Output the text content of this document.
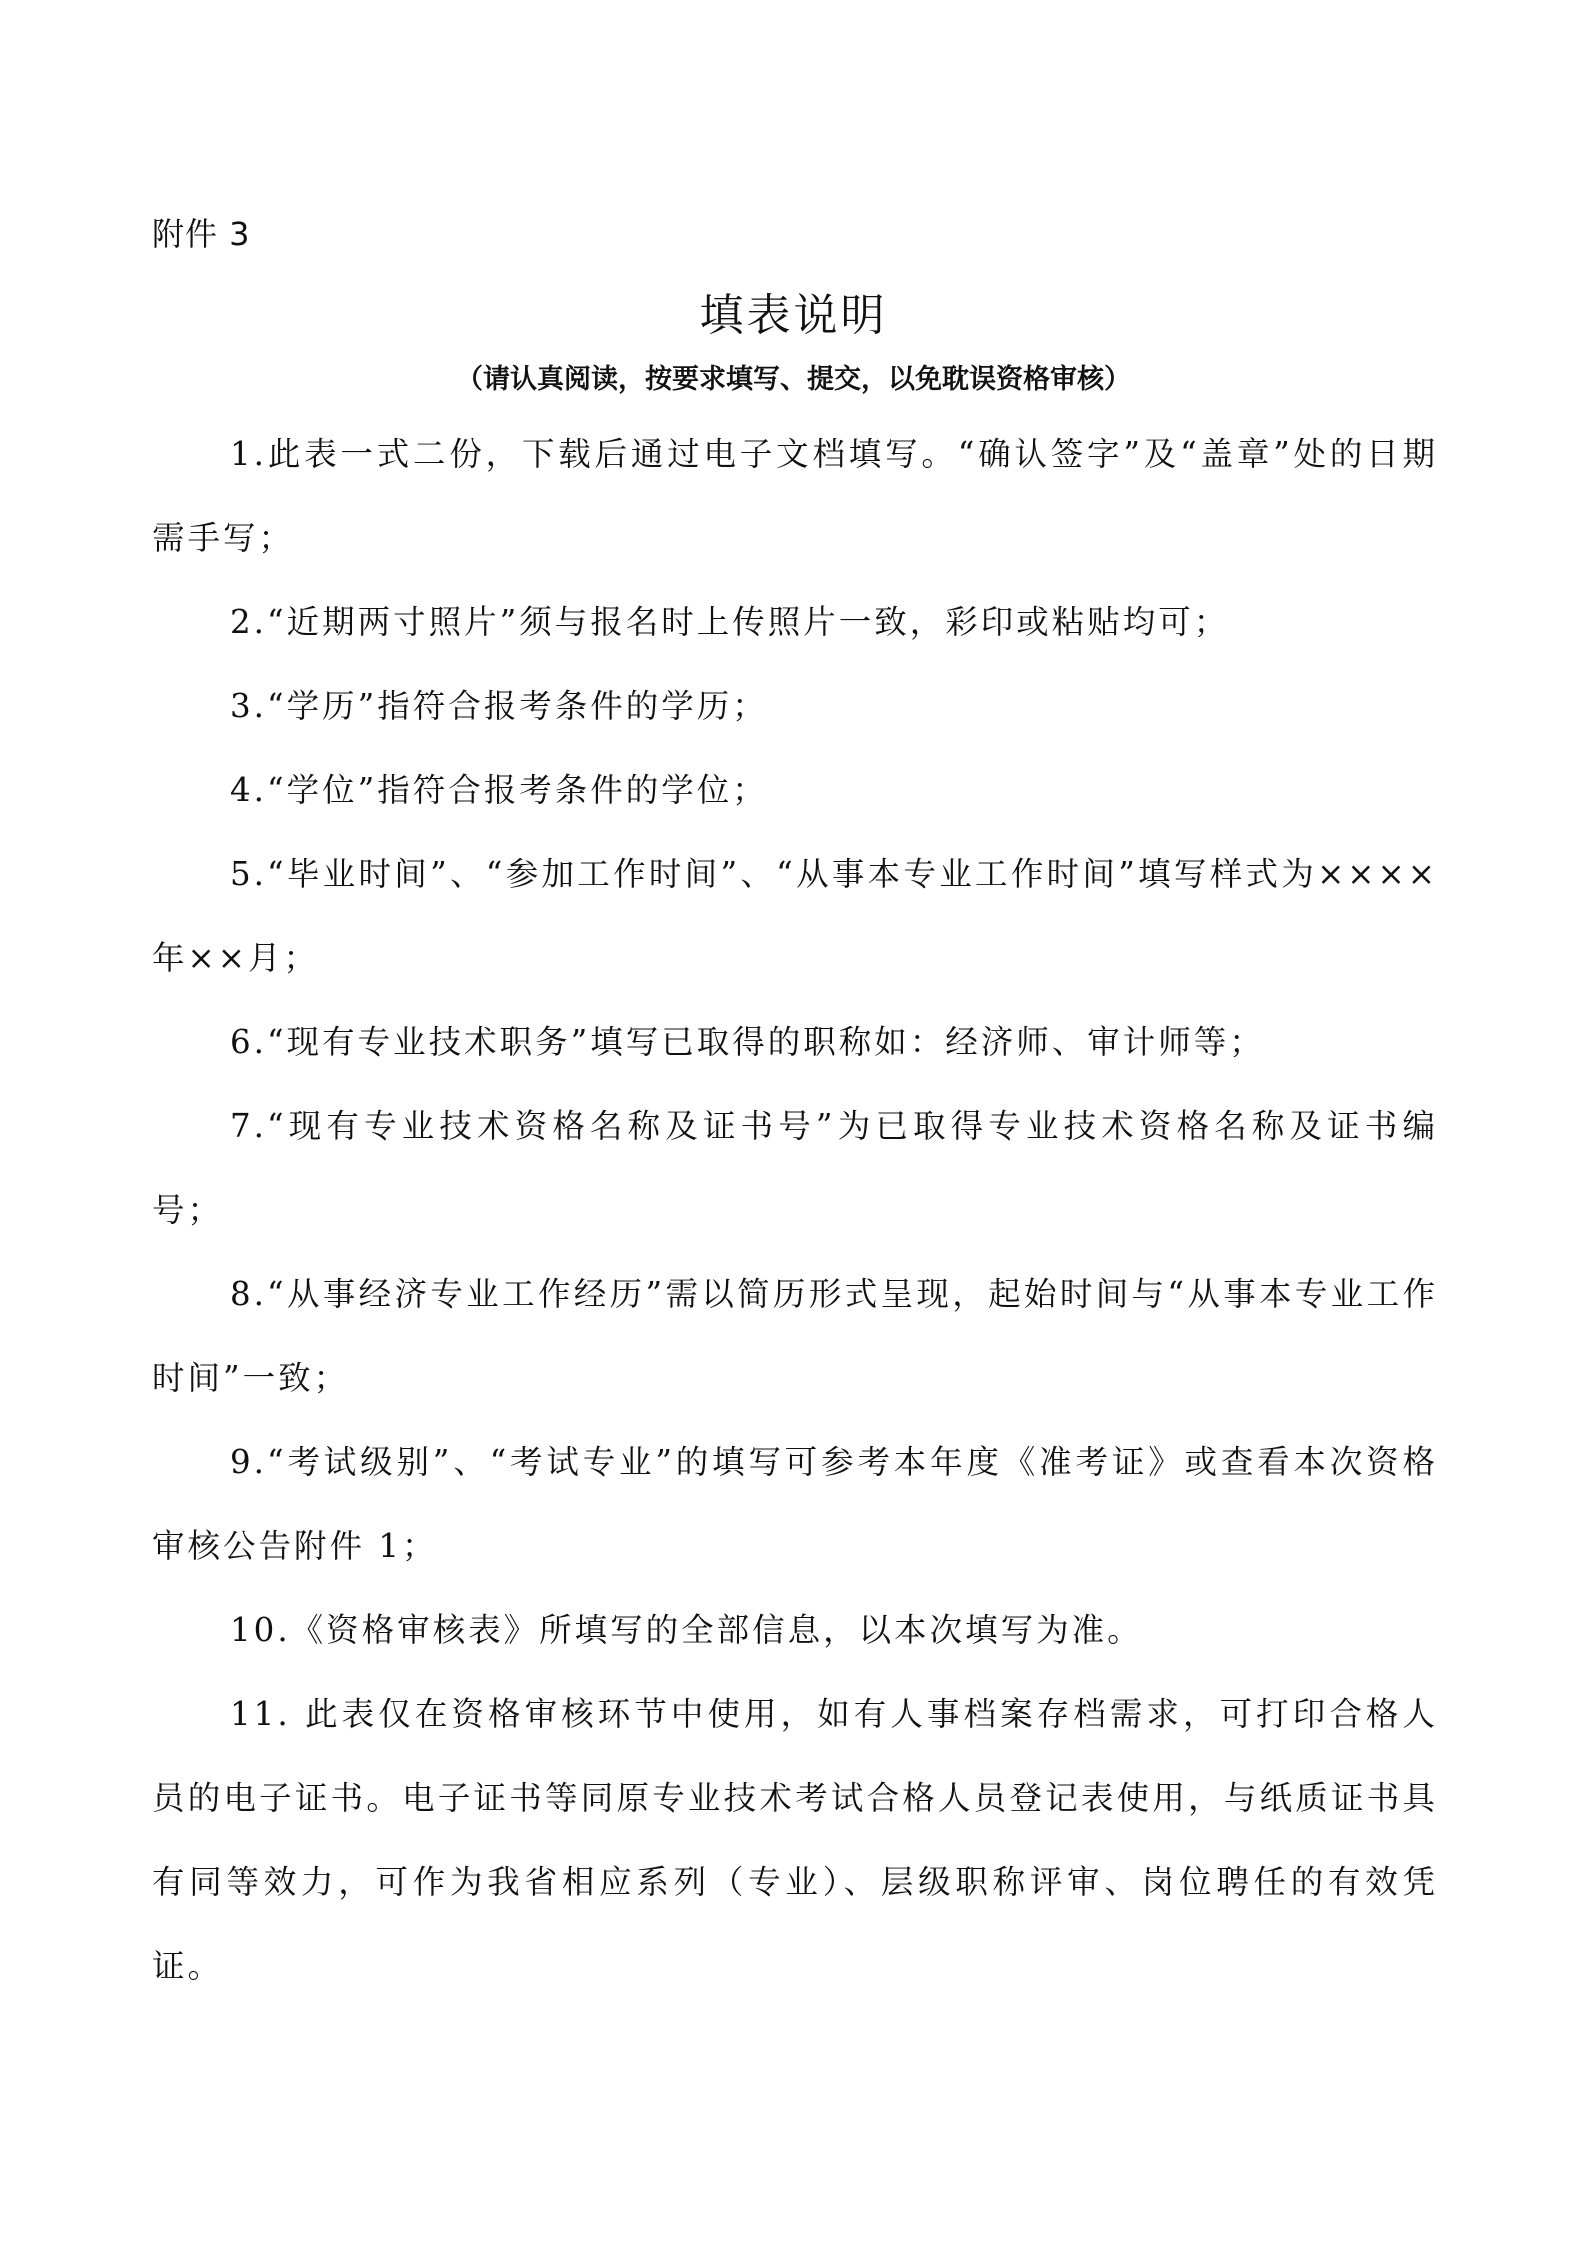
附件 3
填表说明
（请认真阅读，按要求填写、提交，以免耽误资格审核）

1.此表一式二份，下载后通过电子文档填写。“确认签字”及“盖章”处的日期需手写；

2.“近期两寸照片”须与报名时上传照片一致，彩印或粘贴均可；

3.“学历”指符合报考条件的学历；

4.“学位”指符合报考条件的学位；

5.“毕业时间”、“参加工作时间”、“从事本专业工作时间”填写样式为××××年××月；

6.“现有专业技术职务”填写已取得的职称如：经济师、审计师等；

7.“现有专业技术资格名称及证书号”为已取得专业技术资格名称及证书编号；

8.“从事经济专业工作经历”需以简历形式呈现，起始时间与“从事本专业工作时间”一致；

9.“考试级别”、“考试专业”的填写可参考本年度《准考证》或查看本次资格审核公告附件 1；

10.《资格审核表》所填写的全部信息，以本次填写为准。

11. 此表仅在资格审核环节中使用，如有人事档案存档需求，可打印合格人员的电子证书。电子证书等同原专业技术考试合格人员登记表使用，与纸质证书具有同等效力，可作为我省相应系列（专业）、层级职称评审、岗位聘任的有效凭证。
